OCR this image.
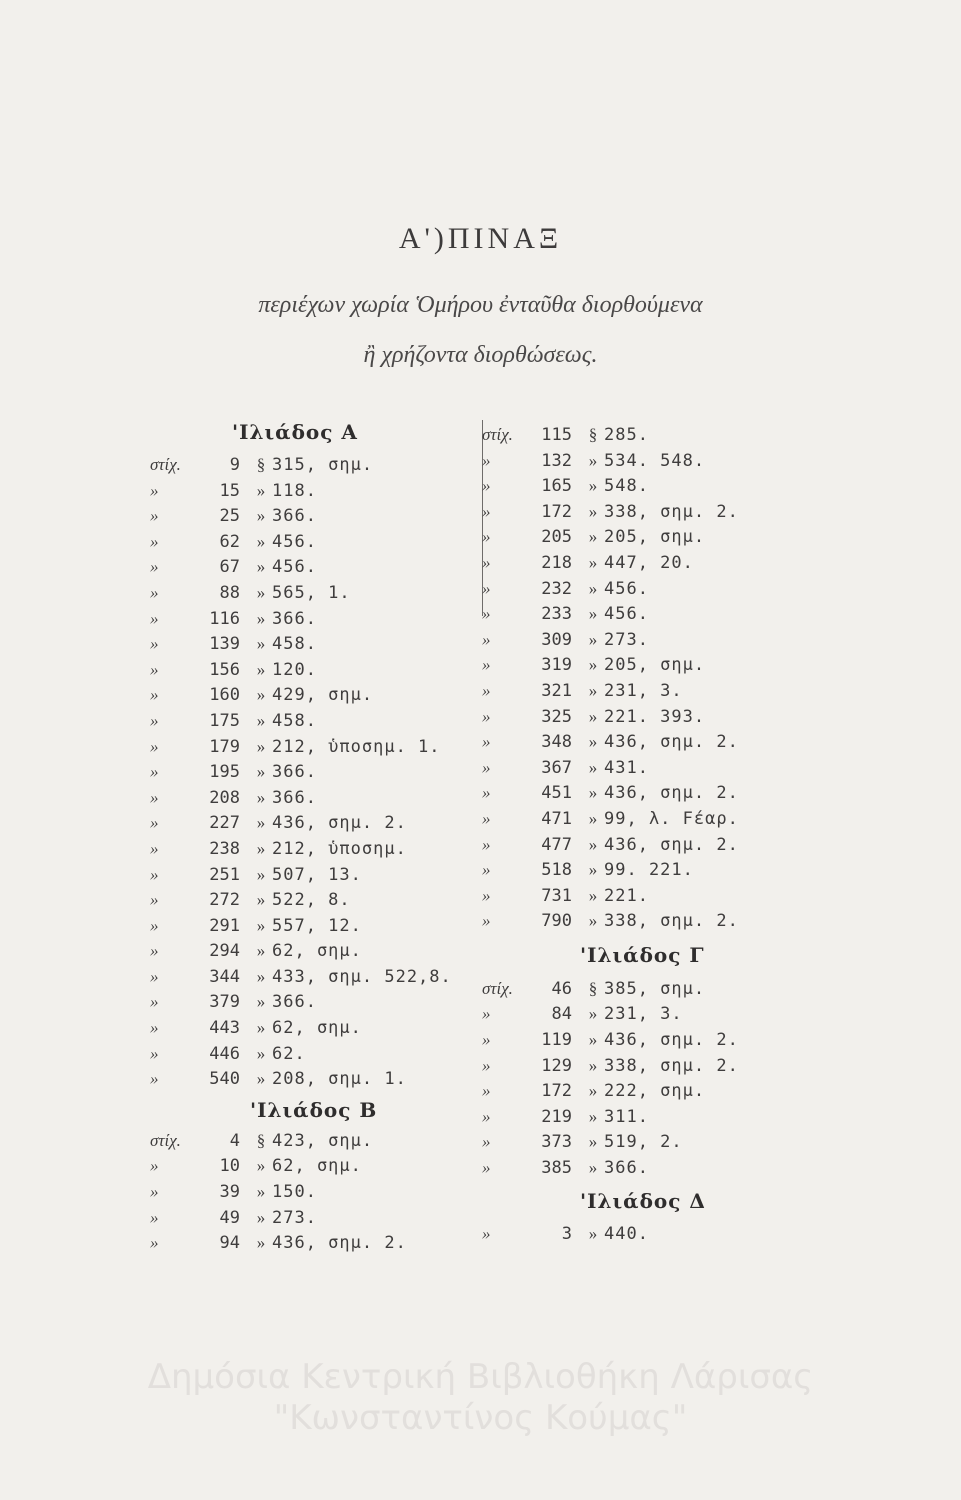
Α')ΠΙΝΑΞ
περιέχων χωρία Ὁμήρου ἐνταῦθα διορθούμενα
ἢ χρήζοντα διορθώσεως.
'Ιλιάδος Α
στίχ.	9 § 315, σημ.
»	15 » 118.
»	25 » 366.
»	62 » 456.
»	67 » 456.
»	88 » 565, 1.
»	116 » 366.
»	139 » 458.
»	156 » 120.
»	160 » 429, σημ.
»	175 » 458.
»	179 » 212, ὑποσημ. 1.
»	195 » 366.
»	208 » 366.
»	227 » 436, σημ. 2.
»	238 » 212, ὑποσημ.
»	251 » 507, 13.
»	272 » 522, 8.
»	291 » 557, 12.
»	294 » 62, σημ.
»	344 » 433, σημ. 522,8.
»	379 » 366.
»	443 » 62, σημ.
»	446 » 62.
»	540 » 208, σημ. 1.
'Ιλιάδος Β
στίχ.	4 § 423, σημ.
»	10 » 62, σημ.
»	39 » 150.
»	49 » 273.
»	94 » 436, σημ. 2.
στίχ. 115 § 285.
»	132 » 534. 548.
»	165 » 548.
»	172 » 338, σημ. 2.
»	205 » 205, σημ.
»	218 » 447, 20.
»	232 » 456.
»	233 » 456.
»	309 » 273.
»	319 » 205, σημ.
»	321 » 231, 3.
»	325 » 221. 393.
»	348 » 436, σημ. 2.
»	367 » 431.
»	451 » 436, σημ. 2.
»	471 »99, λ. Fέαρ.
»	477 » 436, σημ. 2.
»	518 »99. 221.
»	731 » 221.
»	790 » 338, σημ. 2.
'Ιλιάδος Γ
στίχ. 46 § 385, σημ.
»	84 » 231, 3.
»	119 » 436, σημ. 2.
»	129 » 338, σημ. 2.
»	172 » 222, σημ.
»	219 » 311.
»	373 » 519, 2.
»	385 » 366.
'Ιλιάδος Δ
»	3 » 440.
Δημόσια Κεντρική Βιβλιοθήκη Λάρισας
"Κωνσταντίνος Κούμας"
